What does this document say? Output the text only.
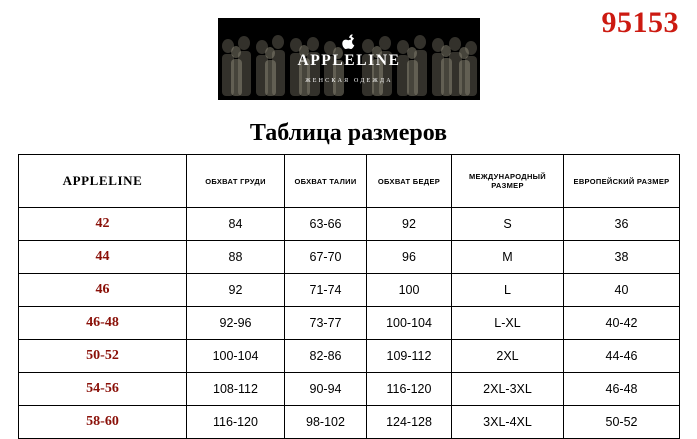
APPLELINE
ЖЕНСКАЯ ОДЕЖДА
95153
Таблица размеров
APPLELINE	ОБХВАТ ГРУДИ	ОБХВАТ ТАЛИИ	ОБХВАТ БЕДЕР	МЕЖДУНАРОДНЫЙ РАЗМЕР	ЕВРОПЕЙСКИЙ РАЗМЕР
42	84	63-66	92	S	36
44	88	67-70	96	M	38
46	92	71-74	100	L	40
46-48	92-96	73-77	100-104	L-XL	40-42
50-52	100-104	82-86	109-112	2XL	44-46
54-56	108-112	90-94	116-120	2XL-3XL	46-48
58-60	116-120	98-102	124-128	3XL-4XL	50-52
